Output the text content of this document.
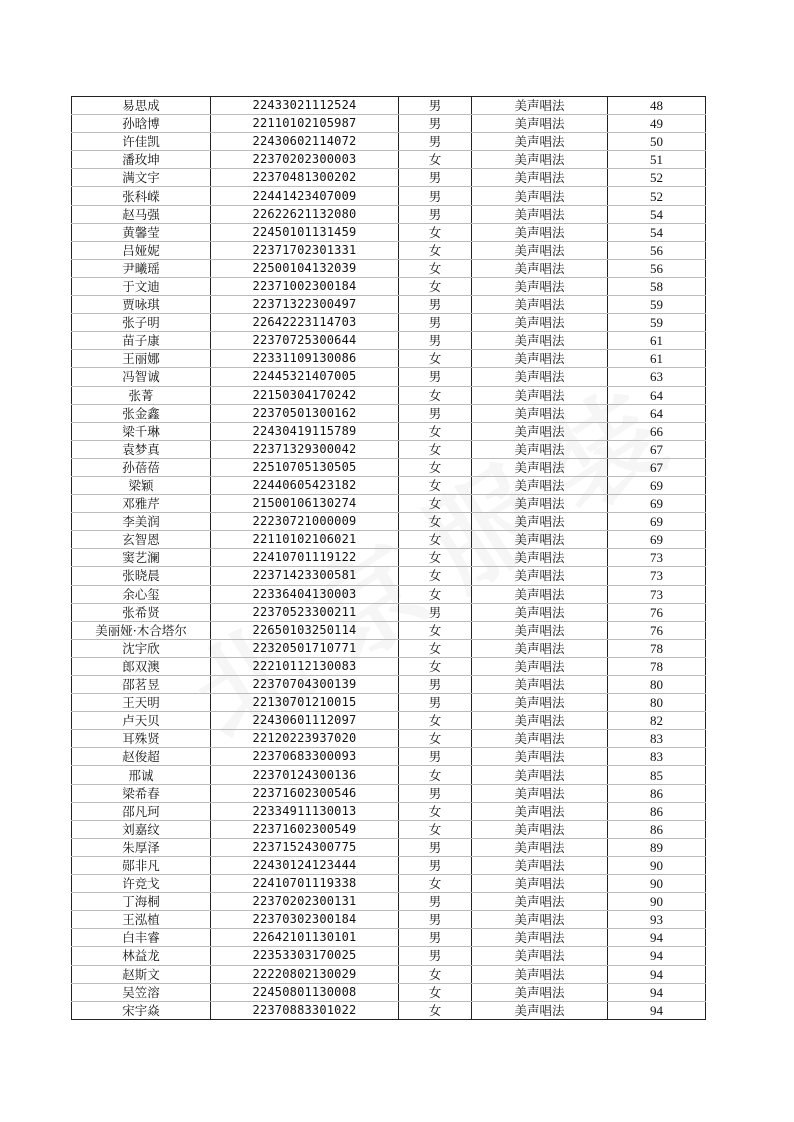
易思成	22433021112524	男	美声唱法	48
孙晗博	22110102105987	男	美声唱法	49
许佳凯	22430602114072	男	美声唱法	50
潘玫坤	22370202300003	女	美声唱法	51
满文宇	22370481300202	男	美声唱法	52
张科嵘	22441423407009	男	美声唱法	52
赵马强	22622621132080	男	美声唱法	54
黄馨莹	22450101131459	女	美声唱法	54
吕娅妮	22371702301331	女	美声唱法	56
尹曦瑶	22500104132039	女	美声唱法	56
于文迪	22371002300184	女	美声唱法	58
贾咏琪	22371322300497	男	美声唱法	59
张子明	22642223114703	男	美声唱法	59
苗子康	22370725300644	男	美声唱法	61
王丽娜	22331109130086	女	美声唱法	61
冯智诚	22445321407005	男	美声唱法	63
张菁	22150304170242	女	美声唱法	64
张金鑫	22370501300162	男	美声唱法	64
梁千琳	22430419115789	女	美声唱法	66
袁梦真	22371329300042	女	美声唱法	67
孙蓓蓓	22510705130505	女	美声唱法	67
梁颖	22440605423182	女	美声唱法	69
邓雅芹	21500106130274	女	美声唱法	69
李美润	22230721000009	女	美声唱法	69
玄智恩	22110102106021	女	美声唱法	69
窦艺澜	22410701119122	女	美声唱法	73
张晓晨	22371423300581	女	美声唱法	73
余心玺	22336404130003	女	美声唱法	73
张希贤	22370523300211	男	美声唱法	76
美丽娅·木合塔尔	22650103250114	女	美声唱法	76
沈宇欣	22320501710771	女	美声唱法	78
郎双澳	22210112130083	女	美声唱法	78
邵茗昱	22370704300139	男	美声唱法	80
王天明	22130701210015	男	美声唱法	80
卢天贝	22430601112097	女	美声唱法	82
耳殊贤	22120223937020	女	美声唱法	83
赵俊超	22370683300093	男	美声唱法	83
邢诚	22370124300136	女	美声唱法	85
梁希春	22371602300546	男	美声唱法	86
邵凡珂	22334911130013	女	美声唱法	86
刘嘉纹	22371602300549	女	美声唱法	86
朱厚泽	22371524300775	男	美声唱法	89
郧非凡	22430124123444	男	美声唱法	90
许竞戈	22410701119338	女	美声唱法	90
丁海桐	22370202300131	男	美声唱法	90
王泓植	22370302300184	男	美声唱法	93
白丰睿	22642101130101	男	美声唱法	94
林益龙	22353303170025	男	美声唱法	94
赵斯文	22220802130029	女	美声唱法	94
吴笠溶	22450801130008	女	美声唱法	94
宋宇焱	22370883301022	女	美声唱法	94
